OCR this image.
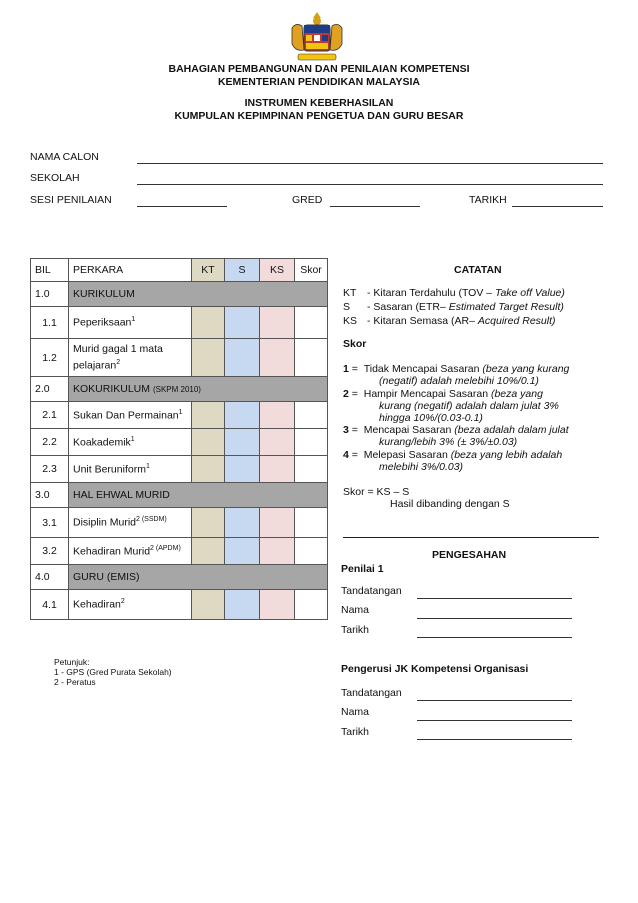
BAHAGIAN PEMBANGUNAN DAN PENILAIAN KOMPETENSI
KEMENTERIAN PENDIDIKAN MALAYSIA
INSTRUMEN KEBERHASILAN
KUMPULAN KEPIMPINAN PENGETUA DAN GURU BESAR
NAMA CALON
SEKOLAH
SESI PENILAIAN	GRED	TARIKH
BIL	PERKARA	KT	S	KS	Skor
1.0	KURIKULUM				
1.1	Peperiksaan$^1$				
1.2	Murid gagal 1 mata pelajaran$^2$				
2.0	KOKURIKULUM (SKPM 2010)				
2.1	Sukan Dan Permainan$^1$				
2.2	Koakademik$^1$				
2.3	Unit Beruniform$^1$				
3.0	HAL EHWAL MURID				
3.1	Disiplin Murid$^{2 (SSDM)}$				
3.2	Kehadiran Murid$^{2 (APDM)}$				
4.0	GURU (EMIS)				
4.1	Kehadiran$^2$				
Petunjuk:
1 - GPS (Gred Purata Sekolah)
2 - Peratus
CATATAN
KT - Kitaran Terdahulu (TOV – Take off Value)
S - Sasaran (ETR– Estimated Target Result)
KS - Kitaran Semasa (AR– Acquired Result)
Skor
1 =  Tidak Mencapai Sasaran (beza yang kurang
(negatif) adalah melebihi 10%/0.1)
2 =  Hampir Mencapai Sasaran (beza yang
kurang (negatif) adalah dalam julat 3%
hingga 10%/(0.03-0.1)
3 =  Mencapai Sasaran (beza adalah dalam julat
kurang/lebih 3% (± 3%/±0.03)
4 =  Melepasi Sasaran (beza yang lebih adalah
melebihi 3%/0.03)
Skor = KS – S
Hasil dibanding dengan S
PENGESAHAN
Penilai 1
Tandatangan
Nama
Tarikh
Pengerusi JK Kompetensi Organisasi
Tandatangan
Nama
Tarikh
